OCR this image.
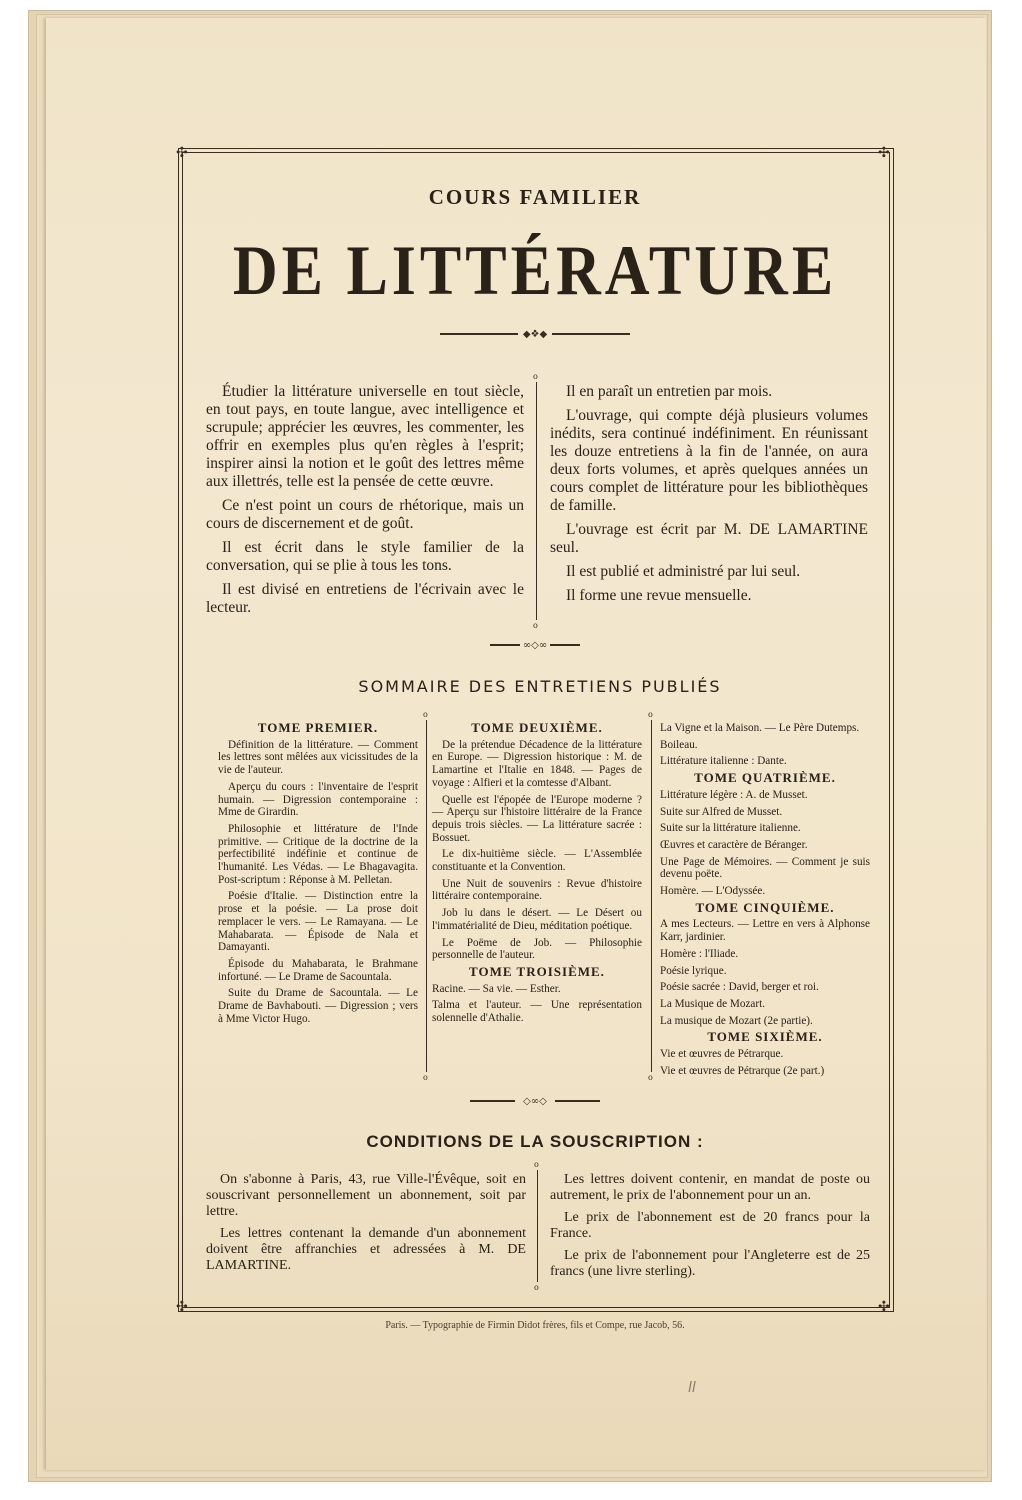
✣	✣
✣	✣
COURS FAMILIER
DE LITTÉRATURE
◆❖◆

Étudier la littérature universelle en tout siècle, en tout pays, en toute langue, avec intelligence et scrupule; apprécier les œuvres, les commenter, les offrir en exemples plus qu'en règles à l'esprit; inspirer ainsi la notion et le goût des lettres même aux illettrés, telle est la pensée de cette œuvre.

Ce n'est point un cours de rhétorique, mais un cours de discernement et de goût.

Il est écrit dans le style familier de la conversation, qui se plie à tous les tons.

Il est divisé en entretiens de l'écrivain avec le lecteur.

o o

Il en paraît un entretien par mois.

L'ouvrage, qui compte déjà plusieurs volumes inédits, sera continué indéfiniment. En réunissant les douze entretiens à la fin de l'année, on aura deux forts volumes, et après quelques années un cours complet de littérature pour les bibliothèques de famille.

L'ouvrage est écrit par M. DE LAMARTINE seul.

Il est publié et administré par lui seul.

Il forme une revue mensuelle.

∞◇∞
SOMMAIRE DES ENTRETIENS PUBLIÉS
TOME PREMIER.

Définition de la littérature. — Comment les lettres sont mêlées aux vicissitudes de la vie de l'auteur.

Aperçu du cours : l'inventaire de l'esprit humain. — Digression contemporaine : Mme de Girardin.

Philosophie et littérature de l'Inde primitive. — Critique de la doctrine de la perfectibilité indéfinie et continue de l'humanité. Les Védas. — Le Bhagavagita. Post-scriptum : Réponse à M. Pelletan.

Poésie d'Italie. — Distinction entre la prose et la poésie. — La prose doit remplacer le vers. — Le Ramayana. — Le Mahabarata. — Épisode de Nala et Damayanti.

Épisode du Mahabarata, le Brahmane infortuné. — Le Drame de Sacountala.

Suite du Drame de Sacountala. — Le Drame de Bavhabouti. — Digression ; vers à Mme Victor Hugo.

o o
TOME DEUXIÈME.

De la prétendue Décadence de la littérature en Europe. — Digression historique : M. de Lamartine et l'Italie en 1848. — Pages de voyage : Alfieri et la comtesse d'Albant.

Quelle est l'épopée de l'Europe moderne ? — Aperçu sur l'histoire littéraire de la France depuis trois siècles. — La littérature sacrée : Bossuet.

Le dix-huitième siècle. — L'Assemblée constituante et la Convention.

Une Nuit de souvenirs : Revue d'histoire littéraire contemporaine.

Job lu dans le désert. — Le Désert ou l'immatérialité de Dieu, méditation poétique.

Le Poëme de Job. — Philosophie personnelle de l'auteur.

TOME TROISIÈME.

Racine. — Sa vie. — Esther.

Talma et l'auteur. — Une représentation solennelle d'Athalie.

o o

La Vigne et la Maison. — Le Père Dutemps.

Boileau.

Littérature italienne : Dante.

TOME QUATRIÈME.

Littérature légère : A. de Musset.

Suite sur Alfred de Musset.

Suite sur la littérature italienne.

Œuvres et caractère de Béranger.

Une Page de Mémoires. — Comment je suis devenu poëte.

Homère. — L'Odyssée.

TOME CINQUIÈME.

A mes Lecteurs. — Lettre en vers à Alphonse Karr, jardinier.

Homère : l'Iliade.

Poésie lyrique.

Poésie sacrée : David, berger et roi.

La Musique de Mozart.

La musique de Mozart (2e partie).

TOME SIXIÈME.

Vie et œuvres de Pétrarque.

Vie et œuvres de Pétrarque (2e part.)

◇∞◇
CONDITIONS DE LA SOUSCRIPTION :

On s'abonne à Paris, 43, rue Ville-l'Évêque, soit en souscrivant personnellement un abonnement, soit par lettre.

Les lettres contenant la demande d'un abonnement doivent être affranchies et adressées à M. DE LAMARTINE.

o o

Les lettres doivent contenir, en mandat de poste ou autrement, le prix de l'abonnement pour un an.

Le prix de l'abonnement est de 20 francs pour la France.

Le prix de l'abonnement pour l'Angleterre est de 25 francs (une livre sterling).

Paris. — Typographie de Firmin Didot frères, fils et Compe, rue Jacob, 56.
ll
